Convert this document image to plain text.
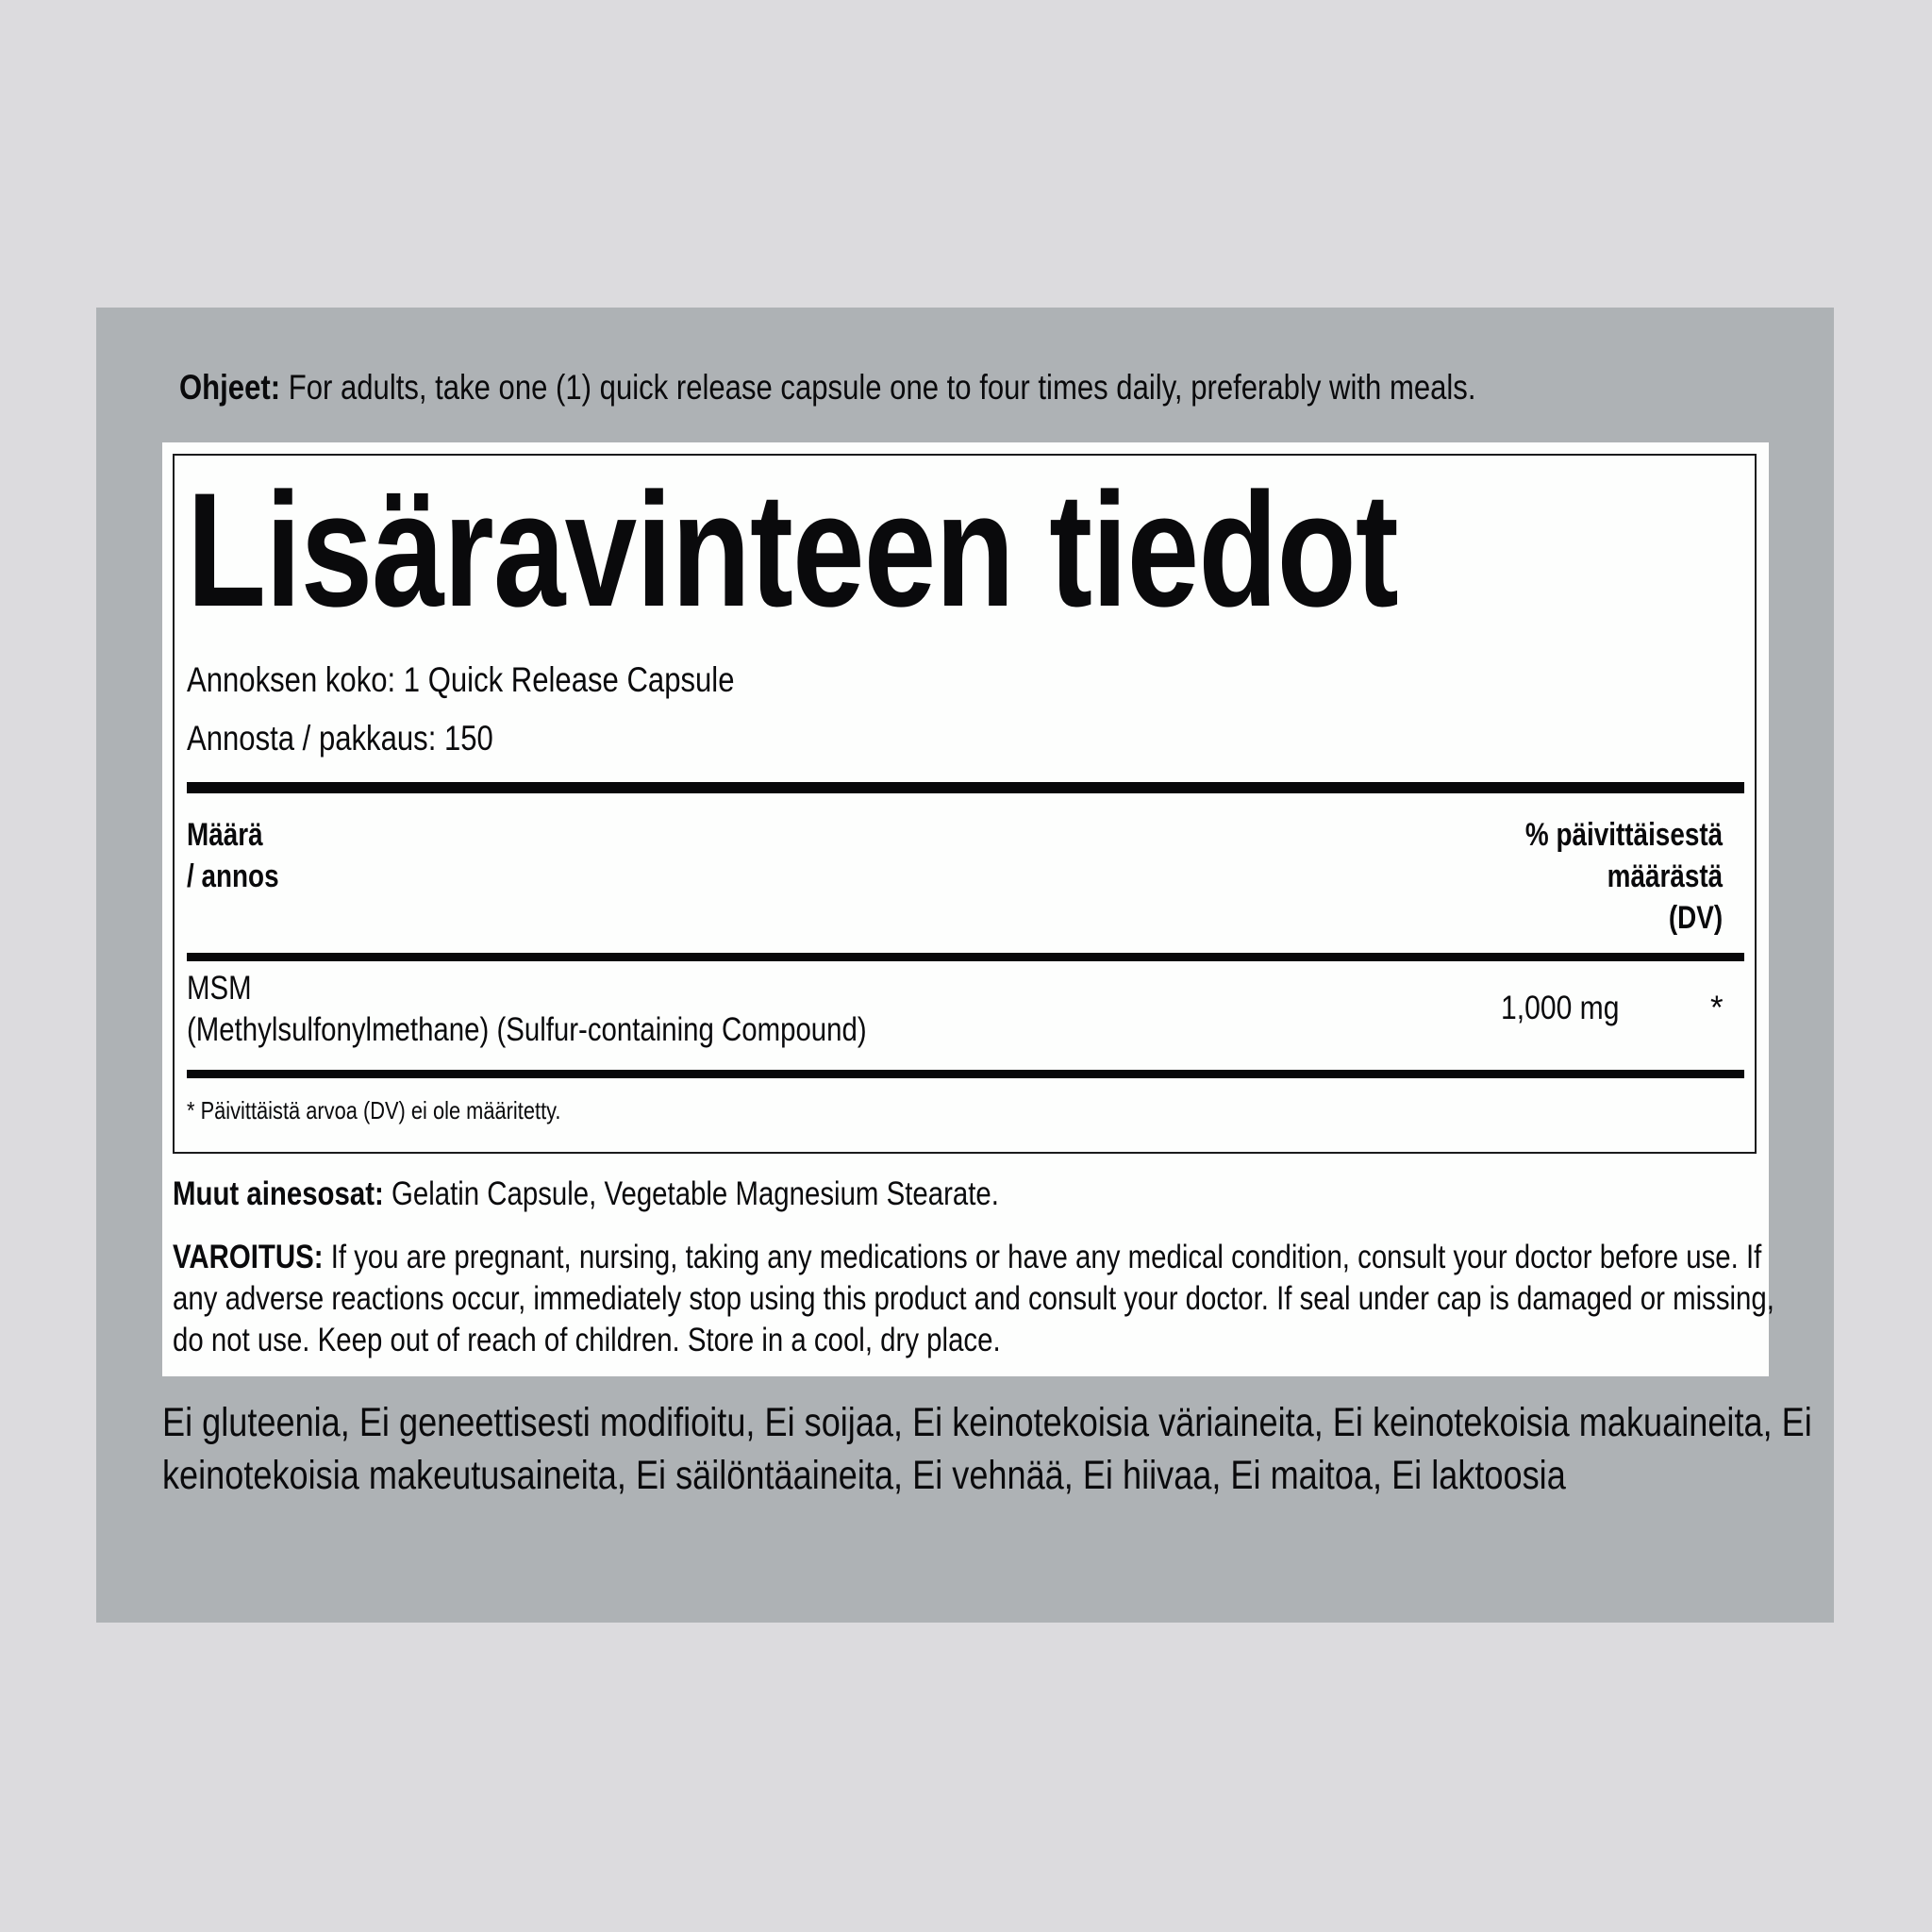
Ohjeet: For adults, take one (1) quick release capsule one to four times daily, preferably with meals.
Lisäravinteen tiedot
Annoksen koko: 1 Quick Release Capsule
Annosta / pakkaus: 150
Määrä
/ annos
% päivittäisestä
määrästä
(DV)
MSM
(Methylsulfonylmethane) (Sulfur-containing Compound)
1,000 mg	*
* Päivittäistä arvoa (DV) ei ole määritetty.
Muut ainesosat: Gelatin Capsule, Vegetable Magnesium Stearate.
VAROITUS: If you are pregnant, nursing, taking any medications or have any medical condition, consult your doctor before use. If any adverse reactions occur, immediately stop using this product and consult your doctor. If seal under cap is damaged or missing, do not use. Keep out of reach of children. Store in a cool, dry place.
Ei gluteenia, Ei geneettisesti modifioitu, Ei soijaa, Ei keinotekoisia väriaineita, Ei keinotekoisia makuaineita, Ei keinotekoisia makeutusaineita, Ei säilöntäaineita, Ei vehnää, Ei hiivaa, Ei maitoa, Ei laktoosia
